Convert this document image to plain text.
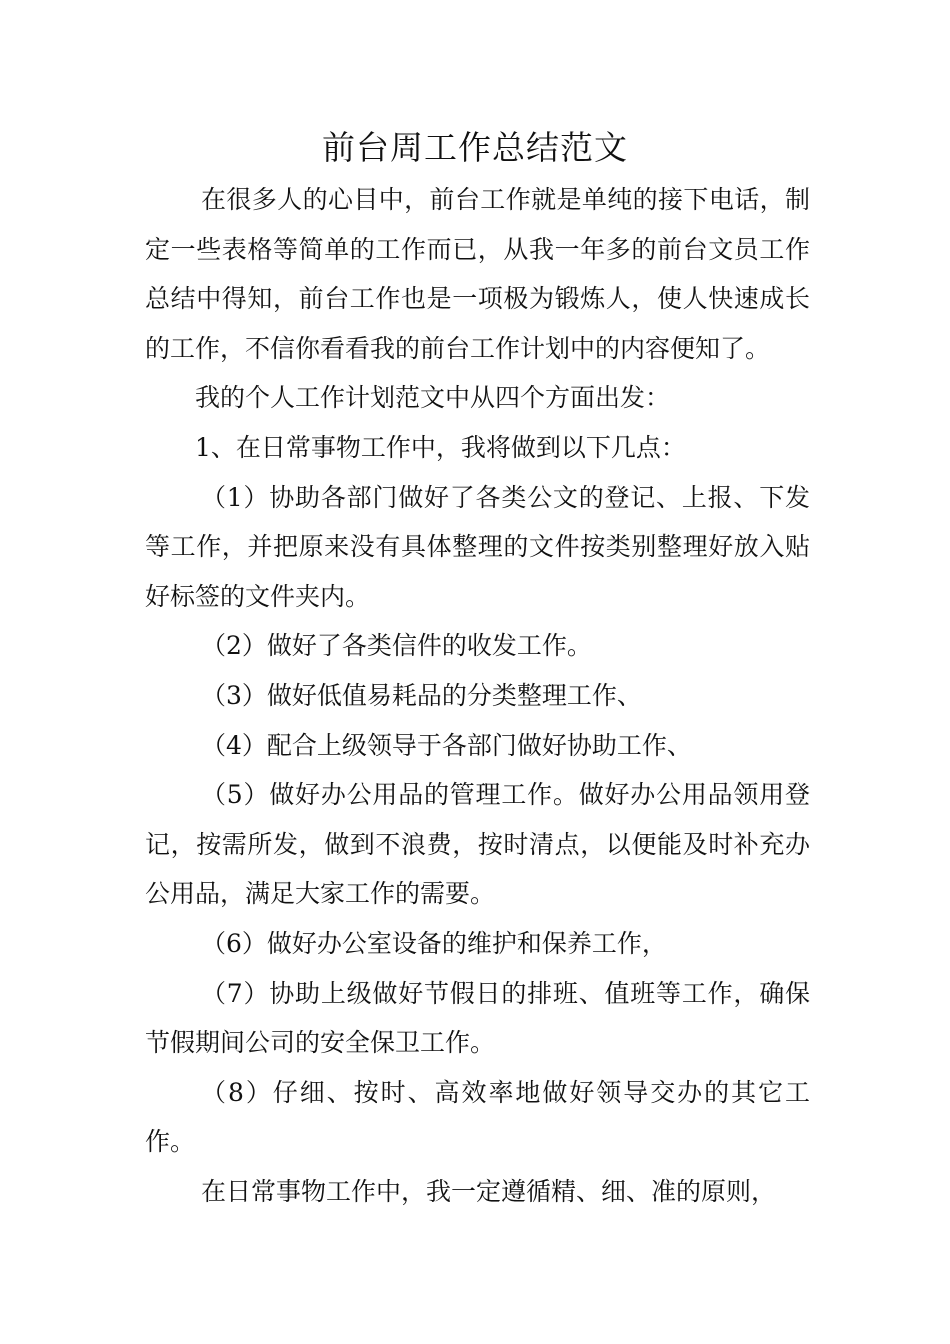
前台周工作总结范文

在很多人的心目中，前台工作就是单纯的接下电话，制定一些表格等简单的工作而已，从我一年多的前台文员工作总结中得知，前台工作也是一项极为锻炼人，使人快速成长的工作，不信你看看我的前台工作计划中的内容便知了。

我的个人工作计划范文中从四个方面出发：

1、在日常事物工作中，我将做到以下几点：

（1）协助各部门做好了各类公文的登记、上报、下发等工作，并把原来没有具体整理的文件按类别整理好放入贴好标签的文件夹内。

（2）做好了各类信件的收发工作。

（3）做好低值易耗品的分类整理工作、

（4）配合上级领导于各部门做好协助工作、

（5）做好办公用品的管理工作。做好办公用品领用登记，按需所发，做到不浪费，按时清点，以便能及时补充办公用品，满足大家工作的需要。

（6）做好办公室设备的维护和保养工作，

（7）协助上级做好节假日的排班、值班等工作，确保节假期间公司的安全保卫工作。

（8）仔细、按时、高效率地做好领导交办的其它工作。

在日常事物工作中，我一定遵循精、细、准的原则，
